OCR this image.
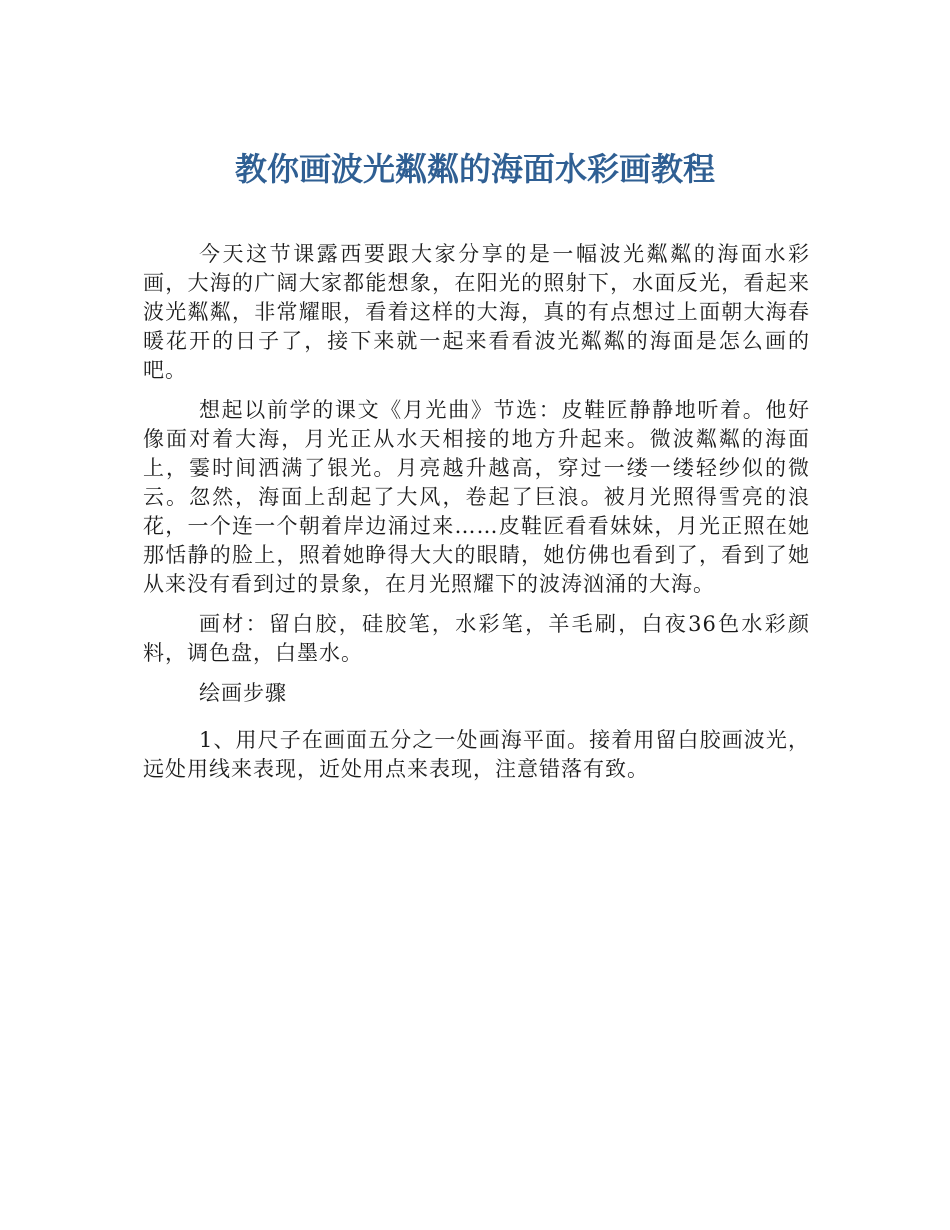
教你画波光粼粼的海面水彩画教程

今天这节课露西要跟大家分享的是一幅波光粼粼的海面水彩画，大海的广阔大家都能想象，在阳光的照射下，水面反光，看起来波光粼粼，非常耀眼，看着这样的大海，真的有点想过上面朝大海春暖花开的日子了，接下来就一起来看看波光粼粼的海面是怎么画的吧。

想起以前学的课文《月光曲》节选：皮鞋匠静静地听着。他好像面对着大海，月光正从水天相接的地方升起来。微波粼粼的海面上，霎时间洒满了银光。月亮越升越高，穿过一缕一缕轻纱似的微云。忽然，海面上刮起了大风，卷起了巨浪。被月光照得雪亮的浪花，一个连一个朝着岸边涌过来……皮鞋匠看看妹妹，月光正照在她那恬静的脸上，照着她睁得大大的眼睛，她仿佛也看到了，看到了她从来没有看到过的景象，在月光照耀下的波涛汹涌的大海。

画材：留白胶，硅胶笔，水彩笔，羊毛刷，白夜36色水彩颜料，调色盘，白墨水。

绘画步骤

1、用尺子在画面五分之一处画海平面。接着用留白胶画波光，远处用线来表现，近处用点来表现，注意错落有致。
